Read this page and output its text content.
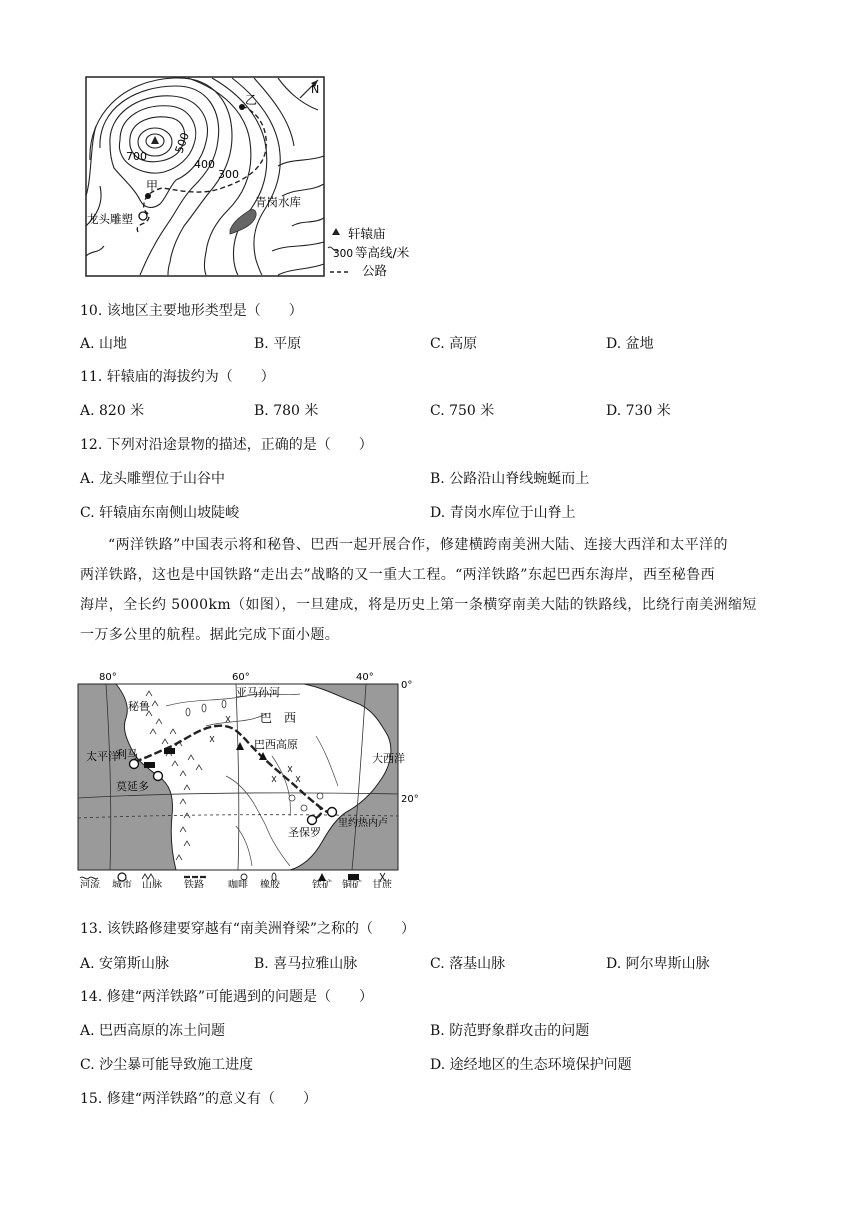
N
乙
甲
龙头雕塑
青岗水库
700
500
400
300
轩辕庙
300 等高线/米
公路
10. 该地区主要地形类型是（　　）
A. 山地	B. 平原	C. 高原	D. 盆地
11. 轩辕庙的海拔约为（　　）
A. 820 米	B. 780 米	C. 750 米	D. 730 米
12. 下列对沿途景物的描述，正确的是（　　）
A. 龙头雕塑位于山谷中	B. 公路沿山脊线蜿蜒而上
C. 轩辕庙东南侧山坡陡峻	D. 青岗水库位于山脊上
“两洋铁路”中国表示将和秘鲁、巴西一起开展合作，修建横跨南美洲大陆、连接大西洋和太平洋的
两洋铁路，这也是中国铁路“走出去”战略的又一重大工程。“两洋铁路”东起巴西东海岸，西至秘鲁西
海岸，全长约 5000km（如图），一旦建成，将是历史上第一条横穿南美大陆的铁路线，比绕行南美洲缩短
一万多公里的航程。据此完成下面小题。
80°	60°	40°
0°
20°
亚马孙河
巴　西
巴西高原
秘鲁
太平洋	大西洋
利马
莫延多
圣保罗
里约热内卢
河流 城市 山脉 铁路 咖啡 橡胶	铁矿 铜矿 甘蔗
13. 该铁路修建要穿越有“南美洲脊梁”之称的（　　）
A. 安第斯山脉	B. 喜马拉雅山脉	C. 落基山脉	D. 阿尔卑斯山脉
14. 修建“两洋铁路”可能遇到的问题是（　　）
A. 巴西高原的冻土问题	B. 防范野象群攻击的问题
C. 沙尘暴可能导致施工进度	D. 途经地区的生态环境保护问题
15. 修建“两洋铁路”的意义有（　　）
